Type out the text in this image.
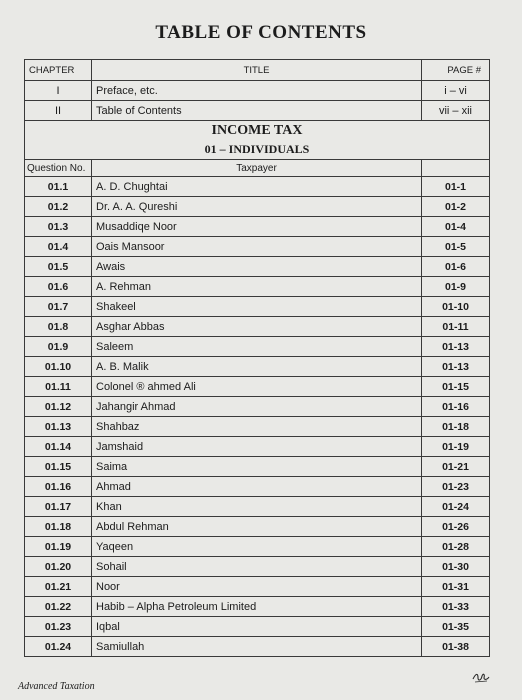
TABLE OF CONTENTS
CHAPTER	TITLE	PAGE #
I	Preface, etc.	i – vi
II	Table of Contents	vii – xii

INCOME TAX
01 – INDIVIDUALS		

Question No.	Taxpayer	
01.1	A. D. Chughtai	01-1
01.2	Dr. A. A. Qureshi	01-2
01.3	Musaddiqe Noor	01-4
01.4	Oais Mansoor	01-5
01.5	Awais	01-6
01.6	A. Rehman	01-9
01.7	Shakeel	01-10
01.8	Asghar Abbas	01-11
01.9	Saleem	01-13
01.10	A. B. Malik	01-13
01.11	Colonel ® ahmed Ali	01-15
01.12	Jahangir Ahmad	01-16
01.13	Shahbaz	01-18
01.14	Jamshaid	01-19
01.15	Saima	01-21
01.16	Ahmad	01-23
01.17	Khan	01-24
01.18	Abdul Rehman	01-26
01.19	Yaqeen	01-28
01.20	Sohail	01-30
01.21	Noor	01-31
01.22	Habib – Alpha Petroleum Limited	01-33
01.23	Iqbal	01-35
01.24	Samiullah	01-38
Advanced Taxation
